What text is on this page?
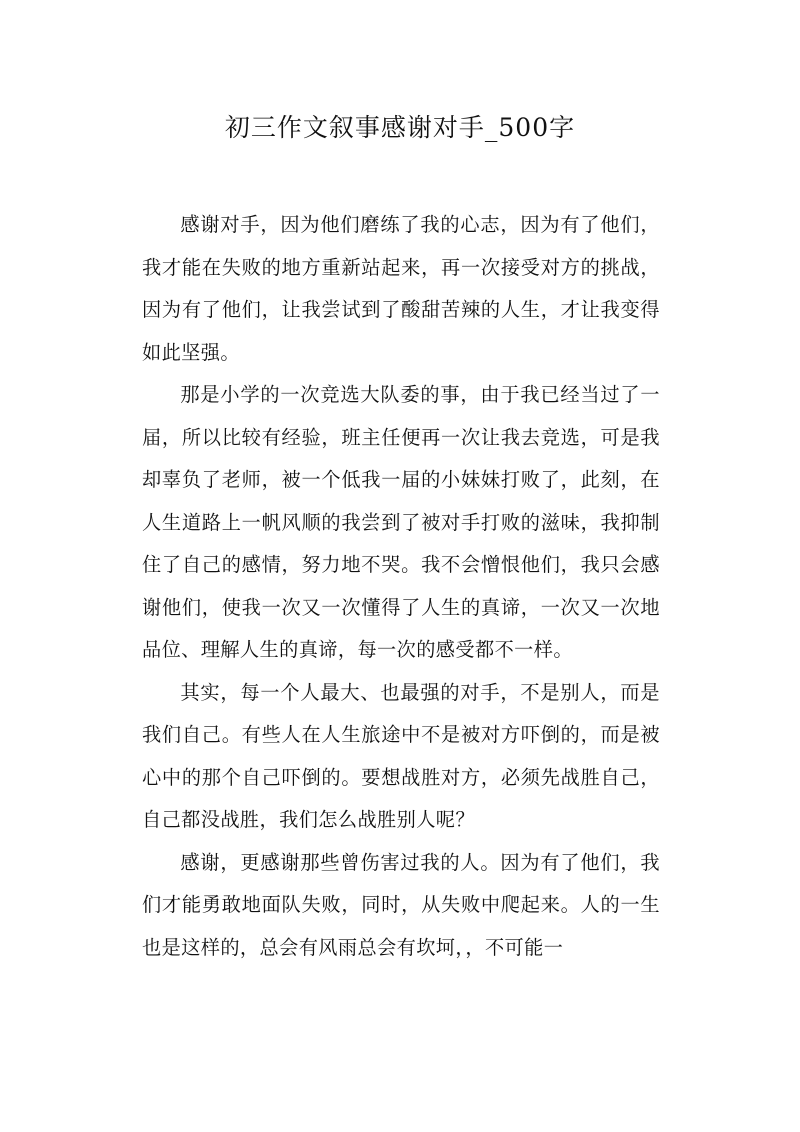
初三作文叙事感谢对手_500字

感谢对手，因为他们磨练了我的心志，因为有了他们，我才能在失败的地方重新站起来，再一次接受对方的挑战，因为有了他们，让我尝试到了酸甜苦辣的人生，才让我变得如此坚强。

那是小学的一次竞选大队委的事，由于我已经当过了一届，所以比较有经验，班主任便再一次让我去竞选，可是我却辜负了老师，被一个低我一届的小妹妹打败了，此刻，在人生道路上一帆风顺的我尝到了被对手打败的滋味，我抑制住了自己的感情，努力地不哭。我不会憎恨他们，我只会感谢他们，使我一次又一次懂得了人生的真谛，一次又一次地品位、理解人生的真谛，每一次的感受都不一样。

其实，每一个人最大、也最强的对手，不是别人，而是我们自己。有些人在人生旅途中不是被对方吓倒的，而是被心中的那个自己吓倒的。要想战胜对方，必须先战胜自己，自己都没战胜，我们怎么战胜别人呢？

感谢，更感谢那些曾伤害过我的人。因为有了他们，我们才能勇敢地面队失败，同时，从失败中爬起来。人的一生也是这样的，总会有风雨总会有坎坷，，不可能一
